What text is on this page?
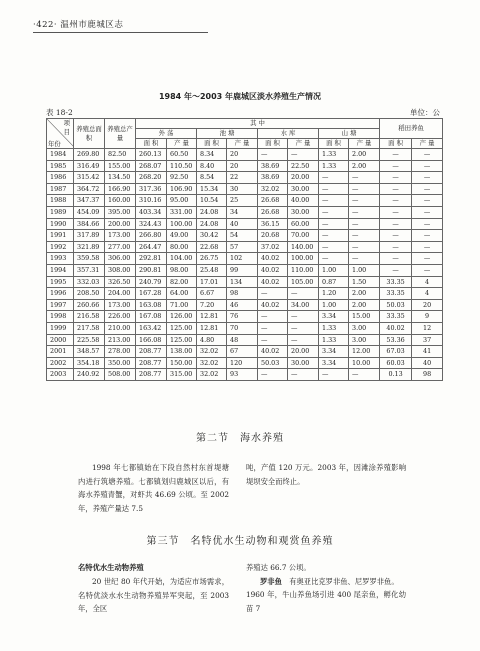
·422· 温州市鹿城区志
1984 年～2003 年鹿城区淡水养殖生产情况
表 18-2	单位：公
项
目
年份	养殖总面积	养殖总产量	其 中								稻田养鱼	
			外 荡		池 塘		水 库		山 塘			
			面 积	产 量	面 积	产 量	面 积	产 量	面 积	产 量	面 积	产 量
1984	269.80	82.50	260.13	60.50	8.34	20	—	—	1.33	2.00	—	—
1985	316.49	155.00	268.07	110.50	8.40	20	38.69	22.50	1.33	2.00	—	—
1986	315.42	134.50	268.20	92.50	8.54	22	38.69	20.00	—	—	—	—
1987	364.72	166.90	317.36	106.90	15.34	30	32.02	30.00	—	—	—	—
1988	347.37	160.00	310.16	95.00	10.54	25	26.68	40.00	—	—	—	—
1989	454.09	395.00	403.34	331.00	24.08	34	26.68	30.00	—	—	—	—
1990	384.66	200.00	324.43	100.00	24.08	40	36.15	60.00	—	—	—	—
1991	317.89	173.00	266.80	49.00	30.42	54	20.68	70.00	—	—	—	—
1992	321.89	277.00	264.47	80.00	22.68	57	37.02	140.00	—	—	—	—
1993	359.58	306.00	292.81	104.00	26.75	102	40.02	100.00	—	—	—	—
1994	357.31	308.00	290.81	98.00	25.48	99	40.02	110.00	1.00	1.00	—	—
1995	332.03	326.50	240.79	82.00	17.01	134	40.02	105.00	0.87	1.50	33.35	4
1996	208.50	204.00	167.28	64.00	6.67	98	—	—	1.20	2.00	33.35	4
1997	260.66	173.00	163.08	71.00	7.20	46	40.02	34.00	1.00	2.00	50.03	20
1998	216.58	226.00	167.08	126.00	12.81	76	—	—	3.34	15.00	33.35	9
1999	217.58	210.00	163.42	125.00	12.81	70	—	—	1.33	3.00	40.02	12
2000	225.58	213.00	166.08	125.00	4.80	48	—	—	1.33	3.00	53.36	37
2001	348.57	278.00	208.77	138.00	32.02	67	40.02	20.00	3.34	12.00	67.03	41
2002	354.18	350.00	208.77	150.00	32.02	120	50.03	30.00	3.34	10.00	60.03	40
2003	240.92	508.00	208.77	315.00	32.02	93	—	—	—	—	0.13	98
第二节　海水养殖
1998 年七都镇始在下段自然村东首堤塘内进行筑塘养殖。七都镇划归鹿城区以后，有海水养殖青蟹，对虾共 46.69 公顷。至 2002 年，养殖产量达 7.5
吨，产值 120 万元。2003 年，因滩涂养殖影响堤坝安全而终止。
第三节　名特优水生动物和观赏鱼养殖
名特优水生动物养殖
20 世纪 80 年代开始，为适应市场需求，名特优淡水水生动物养殖异军突起，至 2003 年，全区
养殖达 66.7 公顷。
罗非鱼　 有奥亚比克罗非鱼、尼罗罗非鱼。
1960 年，牛山养鱼场引进 400 尾亲鱼，孵化幼苗 7
